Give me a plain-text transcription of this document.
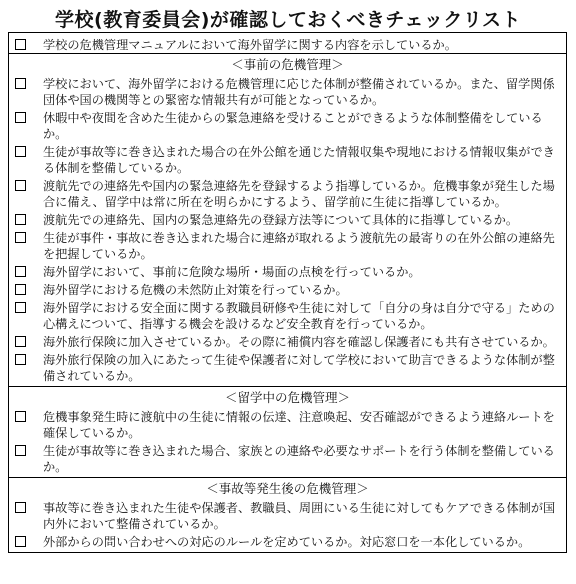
学校(教育委員会)が確認しておくべきチェックリスト
学校の危機管理マニュアルにおいて海外留学に関する内容を示しているか。
＜事前の危機管理＞
学校において、海外留学における危機管理に応じた体制が整備されているか。また、留学関係団体や国の機関等との緊密な情報共有が可能となっているか。
休暇中や夜間を含めた生徒からの緊急連絡を受けることができるような体制整備をしているか。
生徒が事故等に巻き込まれた場合の在外公館を通じた情報収集や現地における情報収集ができる体制を整備しているか。
渡航先での連絡先や国内の緊急連絡先を登録するよう指導しているか。危機事象が発生した場合に備え、留学中は常に所在を明らかにするよう、留学前に生徒に指導しているか。
渡航先での連絡先、国内の緊急連絡先の登録方法等について具体的に指導しているか。
生徒が事件・事故に巻き込まれた場合に連絡が取れるよう渡航先の最寄りの在外公館の連絡先を把握しているか。
海外留学において、事前に危険な場所・場面の点検を行っているか。
海外留学における危機の未然防止対策を行っているか。
海外留学における安全面に関する教職員研修や生徒に対して「自分の身は自分で守る」ための心構えについて、指導する機会を設けるなど安全教育を行っているか。
海外旅行保険に加入させているか。その際に補償内容を確認し保護者にも共有させているか。
海外旅行保険の加入にあたって生徒や保護者に対して学校において助言できるような体制が整備されているか。
＜留学中の危機管理＞
危機事象発生時に渡航中の生徒に情報の伝達、注意喚起、安否確認ができるよう連絡ルートを確保しているか。
生徒が事故等に巻き込まれた場合、家族との連絡や必要なサポートを行う体制を整備しているか。
＜事故等発生後の危機管理＞
事故等に巻き込まれた生徒や保護者、教職員、周囲にいる生徒に対してもケアできる体制が国内外において整備されているか。
外部からの問い合わせへの対応のルールを定めているか。対応窓口を一本化しているか。
